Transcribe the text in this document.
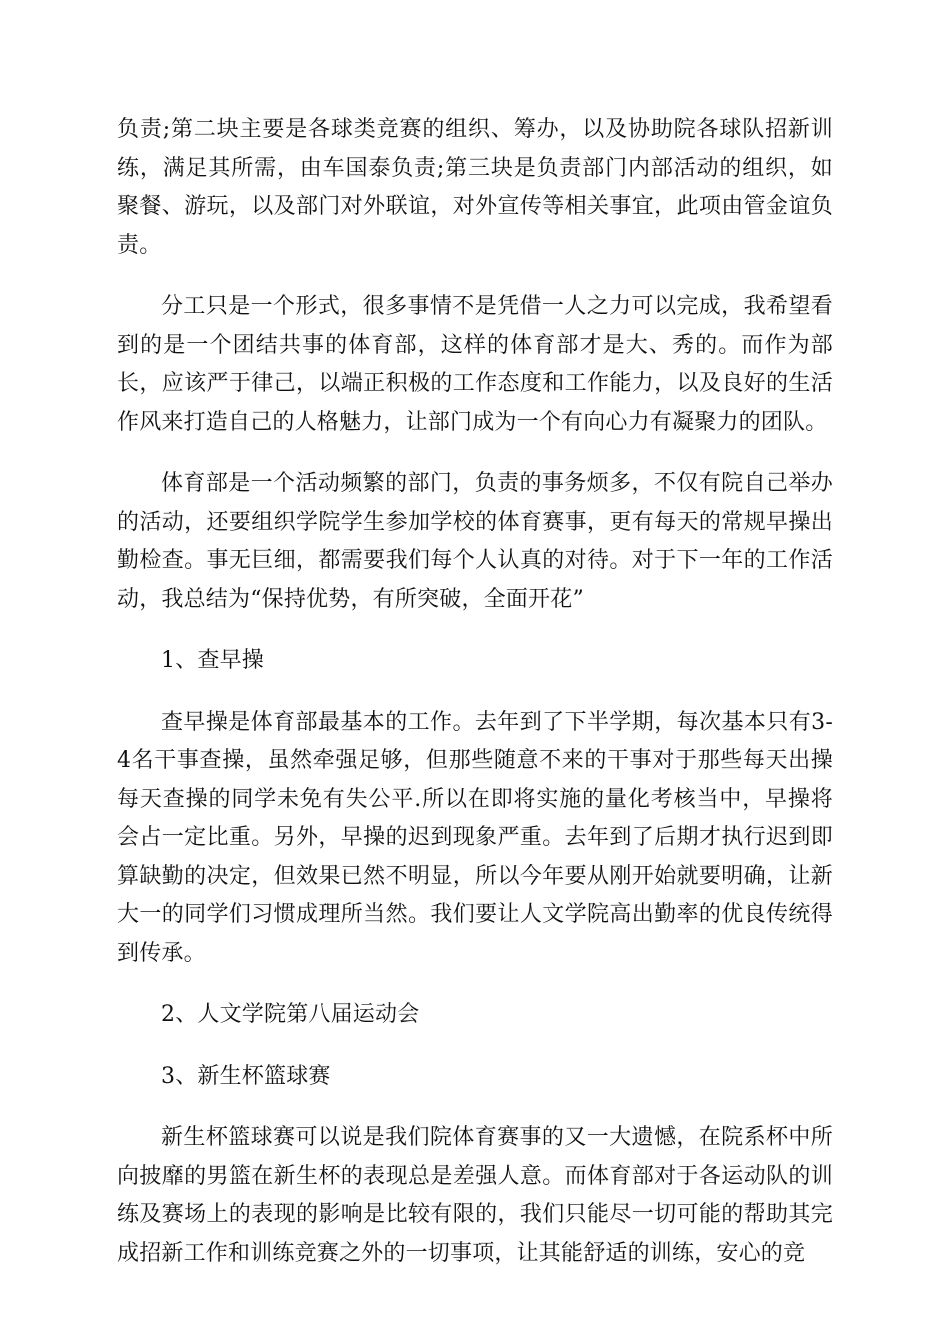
负责;第二块主要是各球类竞赛的组织、筹办，以及协助院各球队招新训练，满足其所需，由车国泰负责;第三块是负责部门内部活动的组织，如聚餐、游玩，以及部门对外联谊，对外宣传等相关事宜，此项由管金谊负责。

分工只是一个形式，很多事情不是凭借一人之力可以完成，我希望看到的是一个团结共事的体育部，这样的体育部才是大、秀的。而作为部长，应该严于律己，以端正积极的工作态度和工作能力，以及良好的生活作风来打造自己的人格魅力，让部门成为一个有向心力有凝聚力的团队。

体育部是一个活动频繁的部门，负责的事务烦多，不仅有院自己举办的活动，还要组织学院学生参加学校的体育赛事，更有每天的常规早操出勤检查。事无巨细，都需要我们每个人认真的对待。对于下一年的工作活动，我总结为“保持优势，有所突破，全面开花”

1、查早操

查早操是体育部最基本的工作。去年到了下半学期，每次基本只有3-4名干事查操，虽然牵强足够，但那些随意不来的干事对于那些每天出操每天查操的同学未免有失公平.所以在即将实施的量化考核当中，早操将会占一定比重。另外，早操的迟到现象严重。去年到了后期才执行迟到即算缺勤的决定，但效果已然不明显，所以今年要从刚开始就要明确，让新大一的同学们习惯成理所当然。我们要让人文学院高出勤率的优良传统得到传承。

2、人文学院第八届运动会

3、新生杯篮球赛

新生杯篮球赛可以说是我们院体育赛事的又一大遗憾，在院系杯中所向披靡的男篮在新生杯的表现总是差强人意。而体育部对于各运动队的训练及赛场上的表现的影响是比较有限的，我们只能尽一切可能的帮助其完成招新工作和训练竞赛之外的一切事项，让其能舒适的训练，安心的竞
